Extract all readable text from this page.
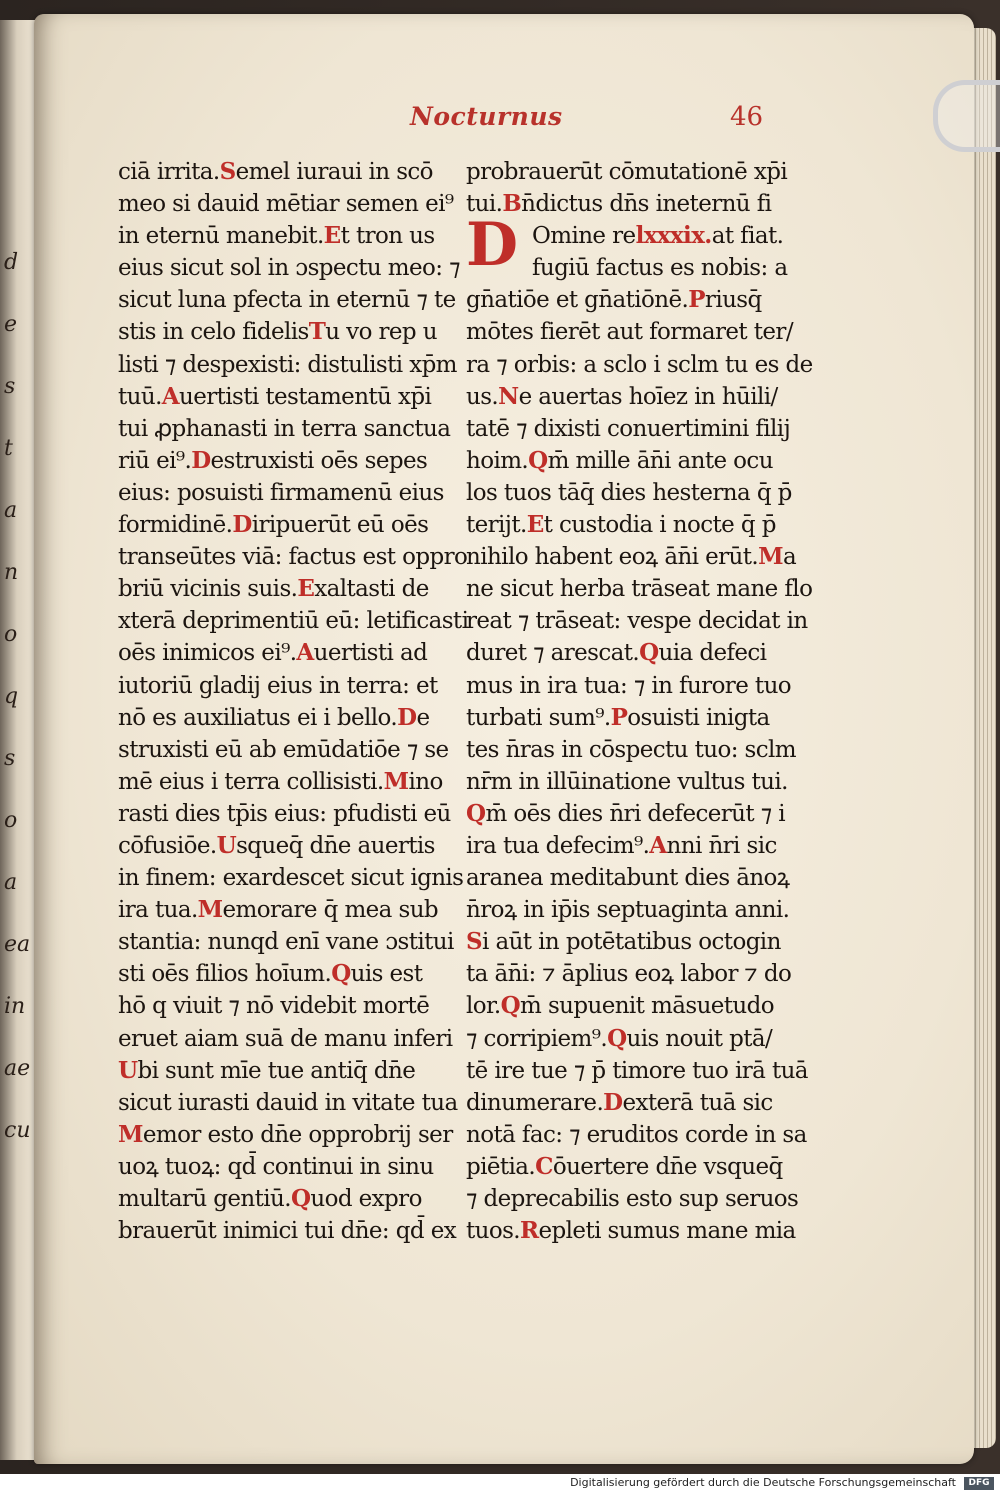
d
e
s
t
a
n
o
q
s
o
a
ea
in
ae
cu
Nocturnus	46
ciā irrita.Semel iuraui in scō
meo si dauid mētiar semen ei⁹
in eternū manebit.Et tron us
eius sicut sol in ɔspectu meo: ⁊
sicut luna pfecta in eternū ⁊ te
stis in celo fidelisTu vo rep u
listi ⁊ despexisti: distulisti xp̄m
tuū.Auertisti testamentū xp̄i
tui ꝓphanasti in terra sanctua
riū ei⁹.Destruxisti oēs sepes
eius: posuisti firmamenū eius
formidinē.Diripuerūt eū oēs
transeūtes viā: factus est oppro
briū vicinis suis.Exaltasti de
xterā deprimentiū eū: letificasti
oēs inimicos ei⁹.Auertisti ad
iutoriū gladij eius in terra: et
nō es auxiliatus ei i bello.De
struxisti eū ab emūdatiōe ⁊ se
mē eius i terra collisisti.Mino
rasti dies tp̄is eius: pfudisti eū
cōfusiōe.Usqueq̄ dn̄e auertis
in finem: exardescet sicut ignis
ira tua.Memorare q̄ mea sub
stantia: nunqd enī vane ɔstitui
sti oēs filios hoīum.Quis est
hō q viuit ⁊ nō videbit mortē
eruet aiam suā de manu inferi
Ubi sunt mīe tue antiq̄ dn̄e
sicut iurasti dauid in vitate tua
Memor esto dn̄e opprobrij ser
uoꝝ tuoꝝ: qd̄ continui in sinu
multarū gentiū.Quod expro
brauerūt inimici tui dn̄e: qd̄ ex
probrauerūt cōmutationē xp̄i
tui.Bn̄dictus dn̄s ineternū fi
Omine relxxxix.at fiat.
fugiū factus es nobis: a
gn̄atiōe et gn̄atiōnē.Priusq̄
mōtes fierēt aut formaret ter/
ra ⁊ orbis: a sclo i sclm tu es de
us.Ne auertas hoīez in hūili/
tatē ⁊ dixisti conuertimini filij
hoim.Qm̄ mille ān̄i ante ocu
los tuos tāq̄ dies hesterna q̄ p̄
terijt.Et custodia i nocte q̄ p̄
nihilo habent eoꝝ ān̄i erūt.Ma
ne sicut herba trāseat mane flo
reat ⁊ trāseat: vespe decidat in
duret ⁊ arescat.Quia defeci
mus in ira tua: ⁊ in furore tuo
turbati sum⁹.Posuisti inigta
tes n̄ras in cōspectu tuo: sclm
nr̄m in illūinatione vultus tui.
Qm̄ oēs dies n̄ri defecerūt ⁊ i
ira tua defecim⁹.Anni n̄ri sic
aranea meditabunt dies ānoꝝ
n̄roꝝ in ip̄is septuaginta anni.
Si aūt in potētatibus octogin
ta ān̄i: ⁊ āplius eoꝝ labor ⁊ do
lor.Qm̄ supuenit māsuetudo
⁊ corripiem⁹.Quis nouit ptā/
tē ire tue ⁊ p̄ timore tuo irā tuā
dinumerare.Dexterā tuā sic
notā fac: ⁊ eruditos corde in sa
piētia.Cōuertere dn̄e vsqueq̄
⁊ deprecabilis esto sup seruos
tuos.Repleti sumus mane mia
D
Digitalisierung gefördert durch die Deutsche Forschungsgemeinschaft	DFG
